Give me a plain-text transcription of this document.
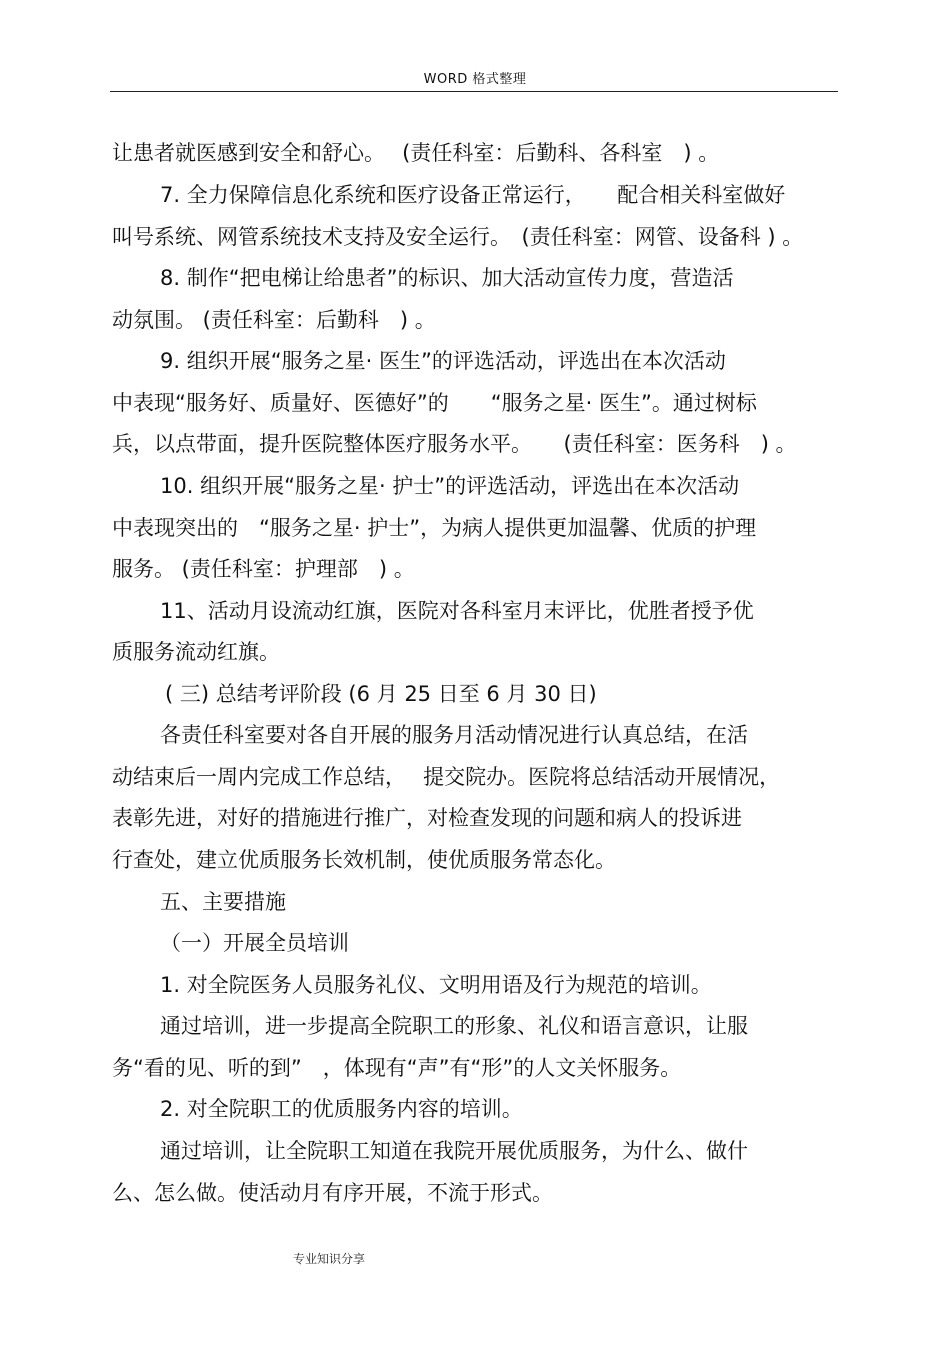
WORD 格式整理
让患者就医感到安全和舒心。　 (责任科室：后勤科、各科室　) 。
7. 全力保障信息化系统和医疗设备正常运行，　　配合相关科室做好
叫号系统、网管系统技术支持及安全运行。　(责任科室：网管、设备科 ) 。
8. 制作“把电梯让给患者”的标识、加大活动宣传力度，营造活
动氛围。 (责任科室：后勤科　) 。
9. 组织开展“服务之星· 医生”的评选活动，评选出在本次活动
中表现“服务好、质量好、医德好”的　　“服务之星· 医生”。通过树标
兵，以点带面，提升医院整体医疗服务水平。　　(责任科室：医务科　) 。
10. 组织开展“服务之星· 护士”的评选活动，评选出在本次活动
中表现突出的　“服务之星· 护士”，为病人提供更加温馨、优质的护理
服务。 (责任科室：护理部　) 。
11、活动月设流动红旗，医院对各科室月末评比，优胜者授予优
质服务流动红旗。
( 三) 总结考评阶段 (6 月 25 日至 6 月 30 日)
各责任科室要对各自开展的服务月活动情况进行认真总结，在活
动结束后一周内完成工作总结，　 提交院办。医院将总结活动开展情况，
表彰先进，对好的措施进行推广，对检查发现的问题和病人的投诉进
行查处，建立优质服务长效机制，使优质服务常态化。
五、主要措施
（一）开展全员培训
1. 对全院医务人员服务礼仪、文明用语及行为规范的培训。
通过培训，进一步提高全院职工的形象、礼仪和语言意识，让服
务“看的见、听的到”　，体现有“声”有“形”的人文关怀服务。
2. 对全院职工的优质服务内容的培训。
通过培训，让全院职工知道在我院开展优质服务，为什么、做什
么、怎么做。使活动月有序开展，不流于形式。
专业知识分享
